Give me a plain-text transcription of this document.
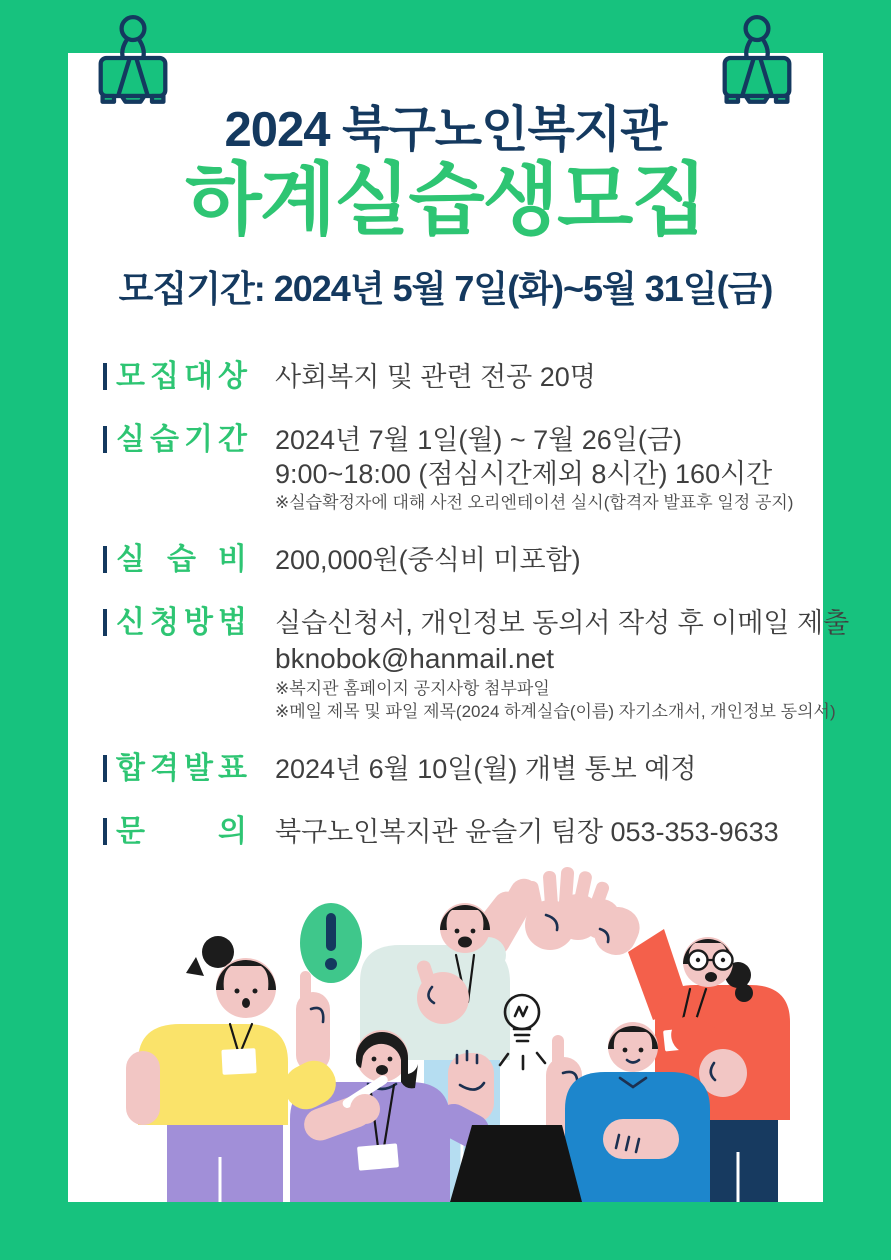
2024 북구노인복지관
하계실습생모집
모집기간: 2024년 5월 7일(화)~5월 31일(금)
모 집 대 상 사회복지 및 관련 전공 20명
실 습 기 간 2024년 7월 1일(월) ~ 7월 26일(금)
9:00~18:00 (점심시간제외 8시간) 160시간
※실습확정자에 대해 사전 오리엔테이션 실시(합격자 발표후 일정 공지)
실 습 비 200,000원(중식비 미포함)
신 청 방 법 실습신청서, 개인정보 동의서 작성 후 이메일 제출
bknobok@hanmail.net
※복지관 홈페이지 공지사항 첨부파일
※메일 제목 및 파일 제목(2024 하계실습(이름) 자기소개서, 개인정보 동의서)
합 격 발 표 2024년 6월 10일(월) 개별 통보 예정
문 의 북구노인복지관 윤슬기 팀장 053-353-9633
